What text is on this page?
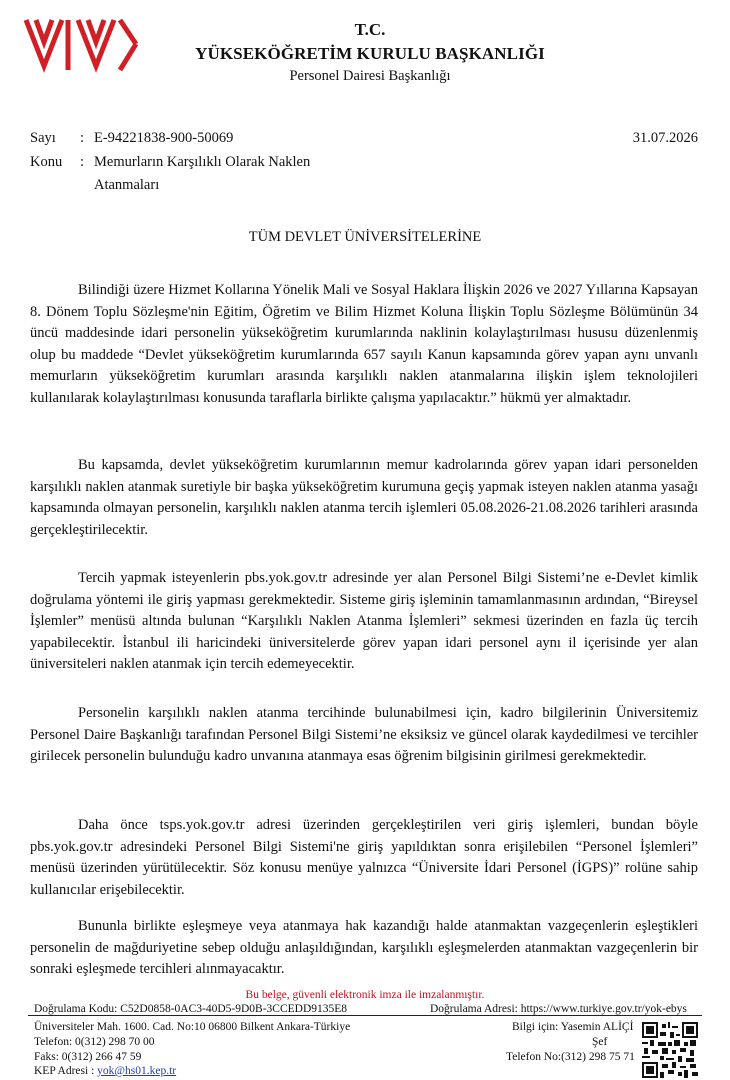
T.C.
YÜKSEKÖĞRETİM KURULU BAŞKANLIĞI
Personel Dairesi Başkanlığı
Sayı	: E-94221838-900-50069
Konu	: Memurların Karşılıklı Olarak Naklen
Atanmaları
31.07.2026
TÜM DEVLET ÜNİVERSİTELERİNE

Bilindiği üzere Hizmet Kollarına Yönelik Mali ve Sosyal Haklara İlişkin 2026 ve 2027 Yıllarına Kapsayan 8. Dönem Toplu Sözleşme'nin Eğitim, Öğretim ve Bilim Hizmet Koluna İlişkin Toplu Sözleşme Bölümünün 34 üncü maddesinde idari personelin yükseköğretim kurumlarında naklinin kolaylaştırılması hususu düzenlenmiş olup bu maddede “Devlet yükseköğretim kurumlarında 657 sayılı Kanun kapsamında görev yapan aynı unvanlı memurların yükseköğretim kurumları arasında karşılıklı naklen atanmalarına ilişkin işlem teknolojileri kullanılarak kolaylaştırılması konusunda taraflarla birlikte çalışma yapılacaktır.” hükmü yer almaktadır.

Bu kapsamda, devlet yükseköğretim kurumlarının memur kadrolarında görev yapan idari personelden karşılıklı naklen atanmak suretiyle bir başka yükseköğretim kurumuna geçiş yapmak isteyen naklen atanma yasağı kapsamında olmayan personelin, karşılıklı naklen atanma tercih işlemleri 05.08.2026-21.08.2026 tarihleri arasında gerçekleştirilecektir.

Tercih yapmak isteyenlerin pbs.yok.gov.tr adresinde yer alan Personel Bilgi Sistemi’ne e-Devlet kimlik doğrulama yöntemi ile giriş yapması gerekmektedir. Sisteme giriş işleminin tamamlanmasının ardından, “Bireysel İşlemler” menüsü altında bulunan “Karşılıklı Naklen Atanma İşlemleri” sekmesi üzerinden en fazla üç tercih yapabilecektir. İstanbul ili haricindeki üniversitelerde görev yapan idari personel aynı il içerisinde yer alan üniversiteleri naklen atanmak için tercih edemeyecektir.

Personelin karşılıklı naklen atanma tercihinde bulunabilmesi için, kadro bilgilerinin Üniversitemiz Personel Daire Başkanlığı tarafından Personel Bilgi Sistemi’ne eksiksiz ve güncel olarak kaydedilmesi ve tercihler girilecek personelin bulunduğu kadro unvanına atanmaya esas öğrenim bilgisinin girilmesi gerekmektedir.

Daha önce tsps.yok.gov.tr adresi üzerinden gerçekleştirilen veri giriş işlemleri, bundan böyle pbs.yok.gov.tr adresindeki Personel Bilgi Sistemi'ne giriş yapıldıktan sonra erişilebilen “Personel İşlemleri” menüsü üzerinden yürütülecektir. Söz konusu menüye yalnızca “Üniversite İdari Personel (İGPS)” rolüne sahip kullanıcılar erişebilecektir.

Bununla birlikte eşleşmeye veya atanmaya hak kazandığı halde atanmaktan vazgeçenlerin eşleştikleri personelin de mağduriyetine sebep olduğu anlaşıldığından, karşılıklı eşleşmelerden atanmaktan vazgeçenlerin bir sonraki eşleşmede tercihleri alınmayacaktır.

Bu belge, güvenli elektronik imza ile imzalanmıştır.
Doğrulama Kodu: C52D0858-0AC3-40D5-9D0B-3CCEDD9135E8	Doğrulama Adresi: https://www.turkiye.gov.tr/yok-ebys
Üniversiteler Mah. 1600. Cad. No:10 06800 Bilkent Ankara-Türkiye
Telefon: 0(312) 298 70 00
Faks: 0(312) 266 47 59
KEP Adresi : yok@hs01.kep.tr
Bilgi için: Yasemin ALİÇİ
Şef
Telefon No:(312) 298 75 71
